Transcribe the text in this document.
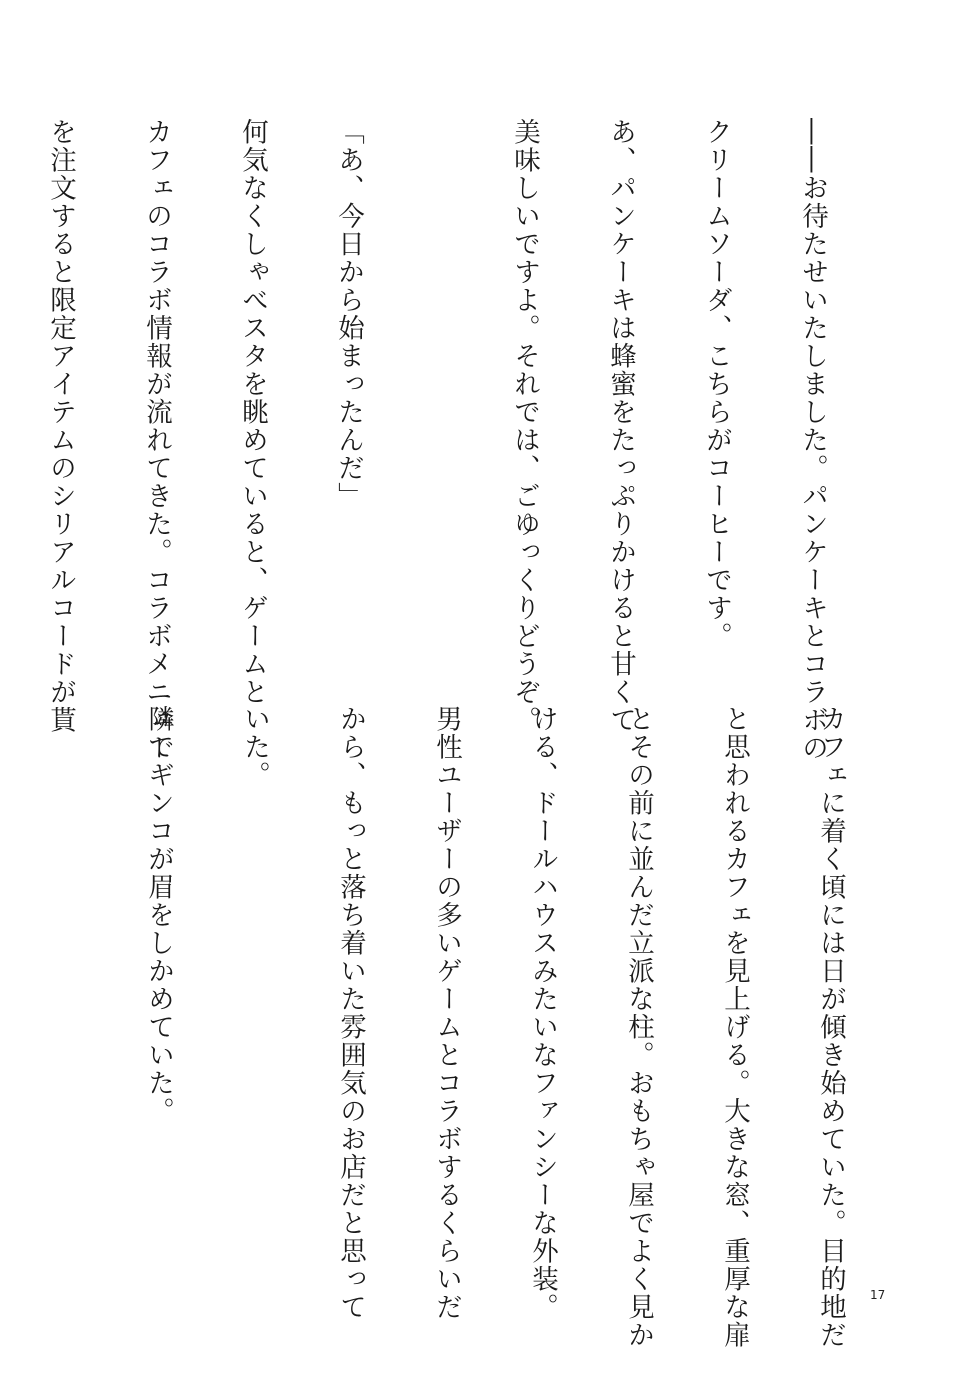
――お待たせいたしました。パンケーキとコラボの

クリームソーダ、こちらがコーヒーです。

あ、パンケーキは蜂蜜をたっぷりかけると甘くて

美味しいですよ。それでは、ごゆっくりどうぞ。

「あ、今日から始まったんだ」

何気なくしゃべスタを眺めていると、ゲームと

カフェのコラボ情報が流れてきた。コラボメニュー

を注文すると限定アイテムのシリアルコードが貰

カフェに着く頃には日が傾き始めていた。目的地だ

と思われるカフェを見上げる。大きな窓、重厚な扉

とその前に並んだ立派な柱。おもちゃ屋でよく見か

ける、ドールハウスみたいなファンシーな外装。

男性ユーザーの多いゲームとコラボするくらいだ

から、もっと落ち着いた雰囲気のお店だと思って

いた。

隣でギンコが眉をしかめていた。

17
